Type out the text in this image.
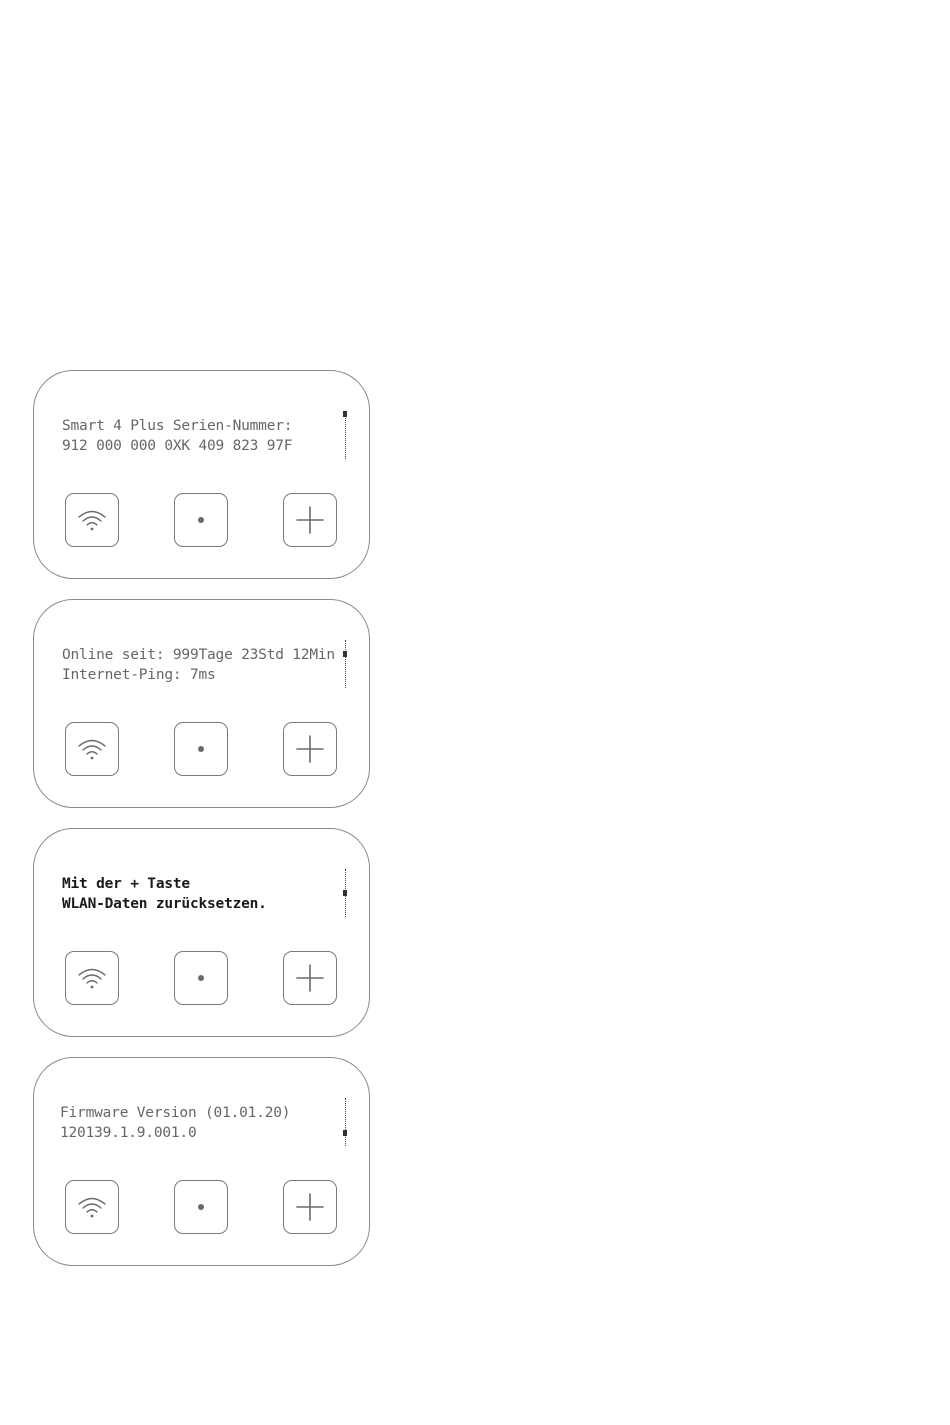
Smart 4 Plus Serien-Nummer:
912 000 000 0XK 409 823 97F
Online seit: 999Tage 23Std 12Min
Internet-Ping: 7ms
Mit der + Taste
WLAN-Daten zurücksetzen.
Firmware Version (01.01.20)
120139.1.9.001.0
